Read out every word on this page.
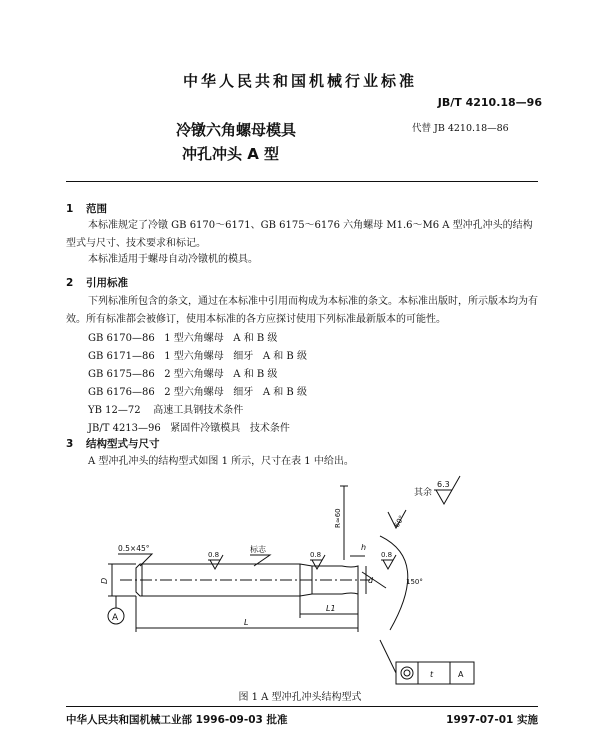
中华人民共和国机械行业标准
JB/T 4210.18—96
冷镦六角螺母模具	代替 JB 4210.18—86
冲孔冲头 A 型
1 范围

本标准规定了冷镦 GB 6170～6171、GB 6175～6176 六角螺母 M1.6～M6 A 型冲孔冲头的结构型式与尺寸、技术要求和标记。

本标准适用于螺母自动冷镦机的模具。

2 引用标准

下列标准所包含的条文，通过在本标准中引用而构成为本标准的条文。本标准出版时，所示版本均为有效。所有标准都会被修订，使用本标准的各方应探讨使用下列标准最新版本的可能性。

GB 6170—86   1 型六角螺母   A 和 B 级
GB 6171—86   1 型六角螺母   细牙   A 和 B 级
GB 6175—86   2 型六角螺母   A 和 B 级
GB 6176—86   2 型六角螺母   细牙   A 和 B 级
YB 12—72    高速工具钢技术条件
JB/T 4213—96   紧固件冷镦模具   技术条件
3 结构型式与尺寸

A 型冲孔冲头的结构型式如图 1 所示，尺寸在表 1 中给出。

其余
6.3
0.5×45°
0.8	0.8	0.8
标志
R≈60
h
d
D
A
L1
L
150°
60°
t	A
图 1 A 型冲孔冲头结构型式
中华人民共和国机械工业部 1996-09-03 批准	1997-07-01 实施
